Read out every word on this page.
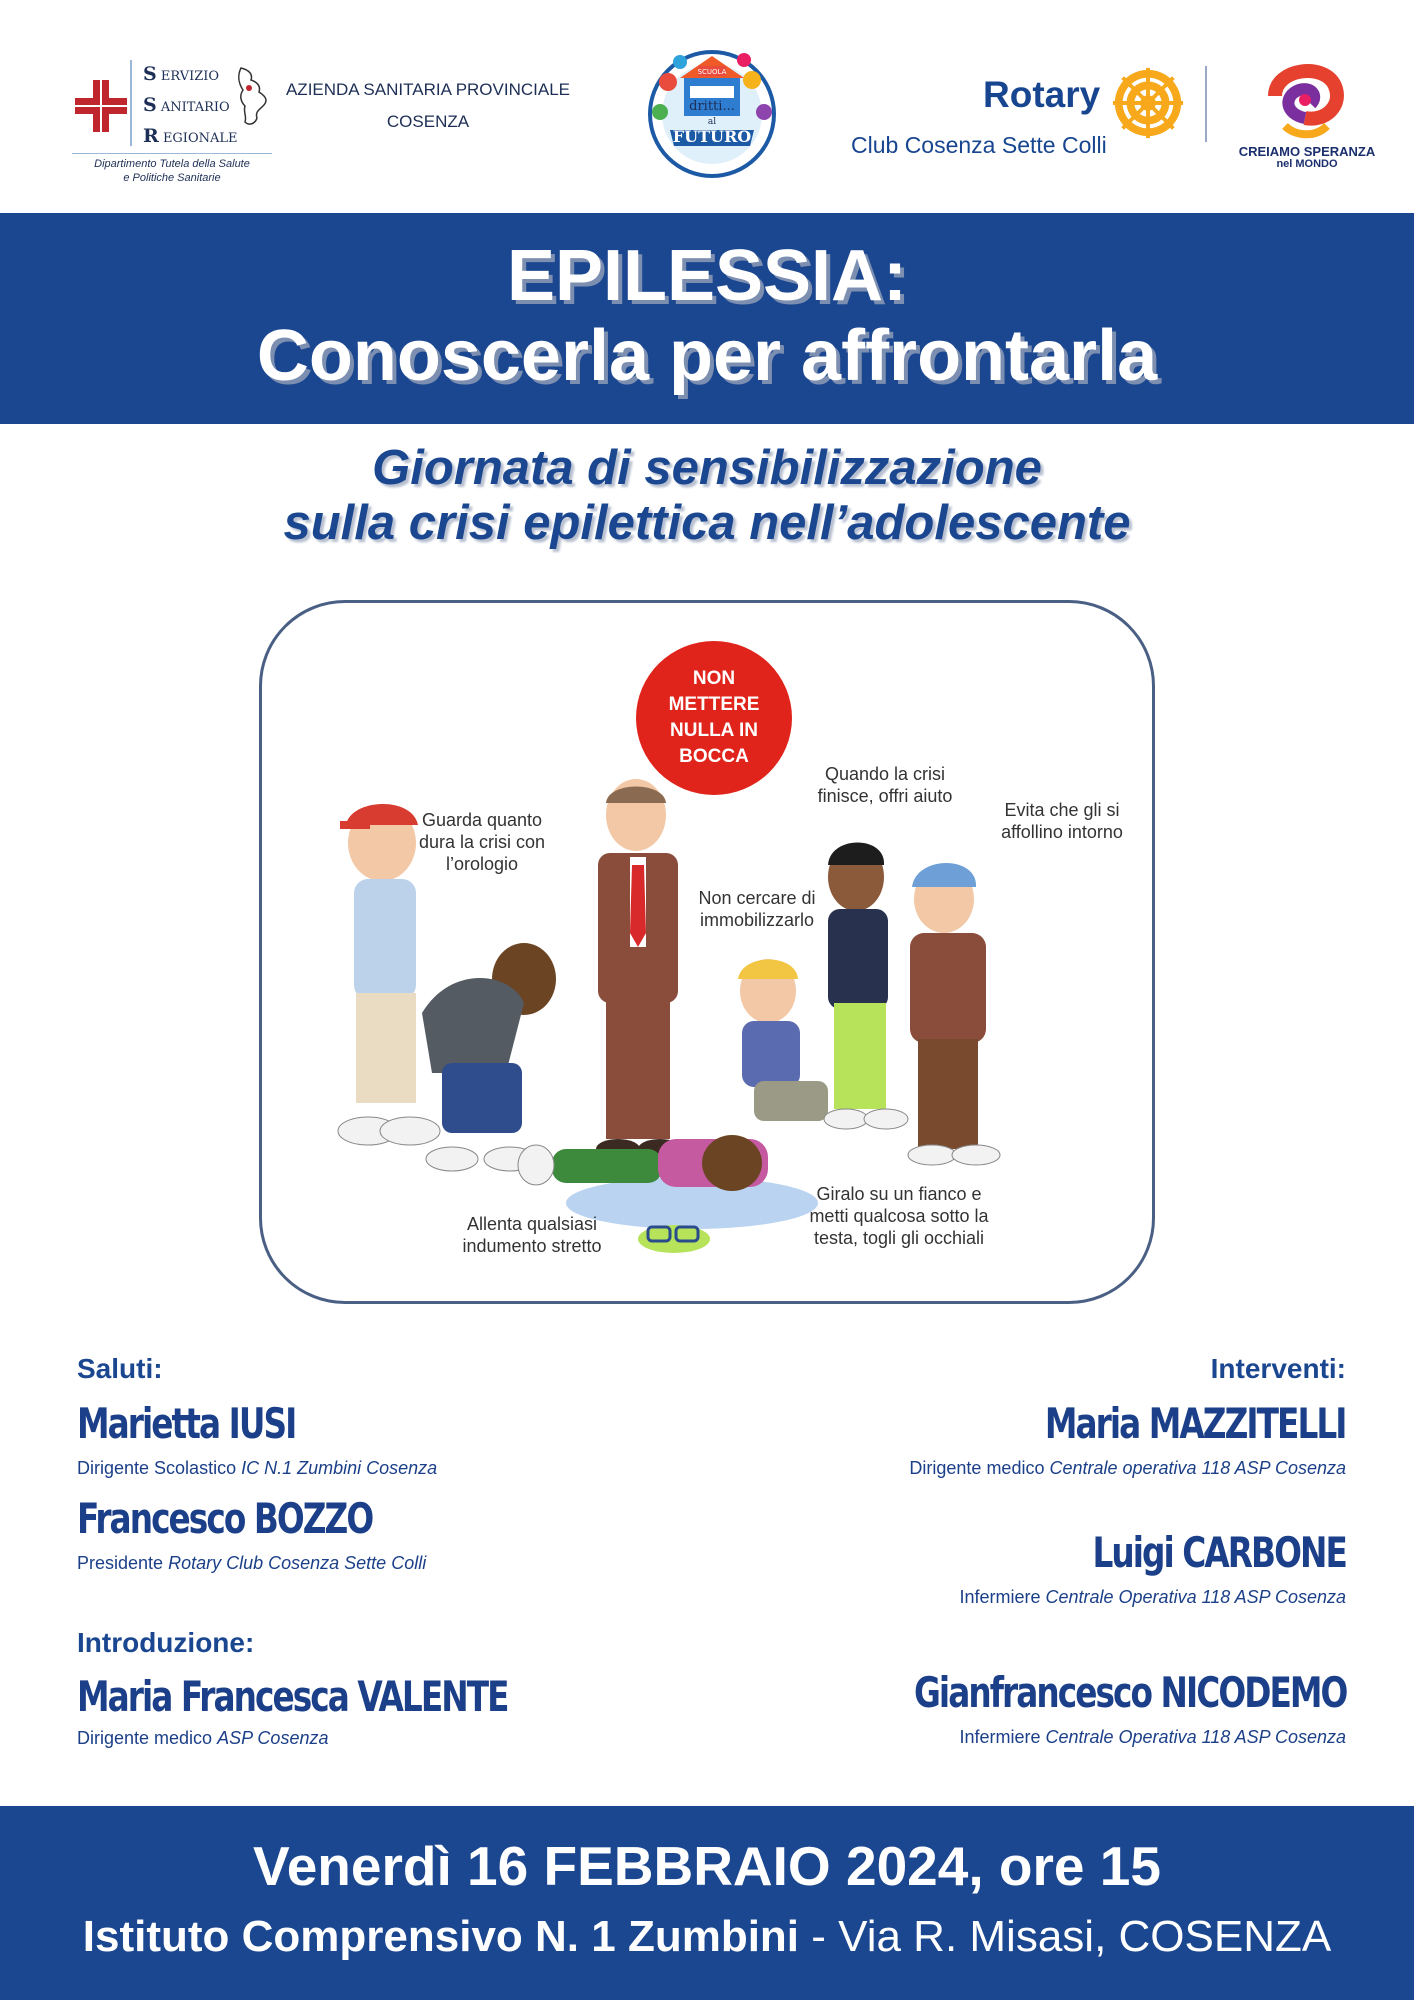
S ERVIZIO
S ANITARIO
R EGIONALE
Dipartimento Tutela della Salute
e Politiche Sanitarie
AZIENDA SANITARIA PROVINCIALE
COSENZA
SCUOLA
dritti...
al
FUTURO
Rotary
Club Cosenza Sette Colli	CREIAMO SPERANZA
nel MONDO
EPILESSIA:
Conoscerla per affrontarla
Giornata di sensibilizzazione
sulla crisi epilettica nell’adolescente
NON METTERE NULLA IN BOCCA
Guarda quanto dura la crisi con l’orologio
Quando la crisi finisce, offri aiuto
Evita che gli si affollino intorno
Non cercare di immobilizzarlo
Allenta qualsiasi indumento stretto
Giralo su un fianco e metti qualcosa sotto la testa, togli gli occhiali
Saluti:
Marietta IUSI
Dirigente Scolastico IC N.1 Zumbini Cosenza
Francesco BOZZO
Presidente Rotary Club Cosenza Sette Colli
Introduzione:
Maria Francesca VALENTE
Dirigente medico ASP Cosenza
Interventi:
Maria MAZZITELLI
Dirigente medico Centrale operativa 118 ASP Cosenza
Luigi CARBONE
Infermiere Centrale Operativa 118 ASP Cosenza
Gianfrancesco NICODEMO
Infermiere Centrale Operativa 118 ASP Cosenza
Venerdì 16 FEBBRAIO 2024, ore 15
Istituto Comprensivo N. 1 Zumbini - Via R. Misasi, COSENZA
